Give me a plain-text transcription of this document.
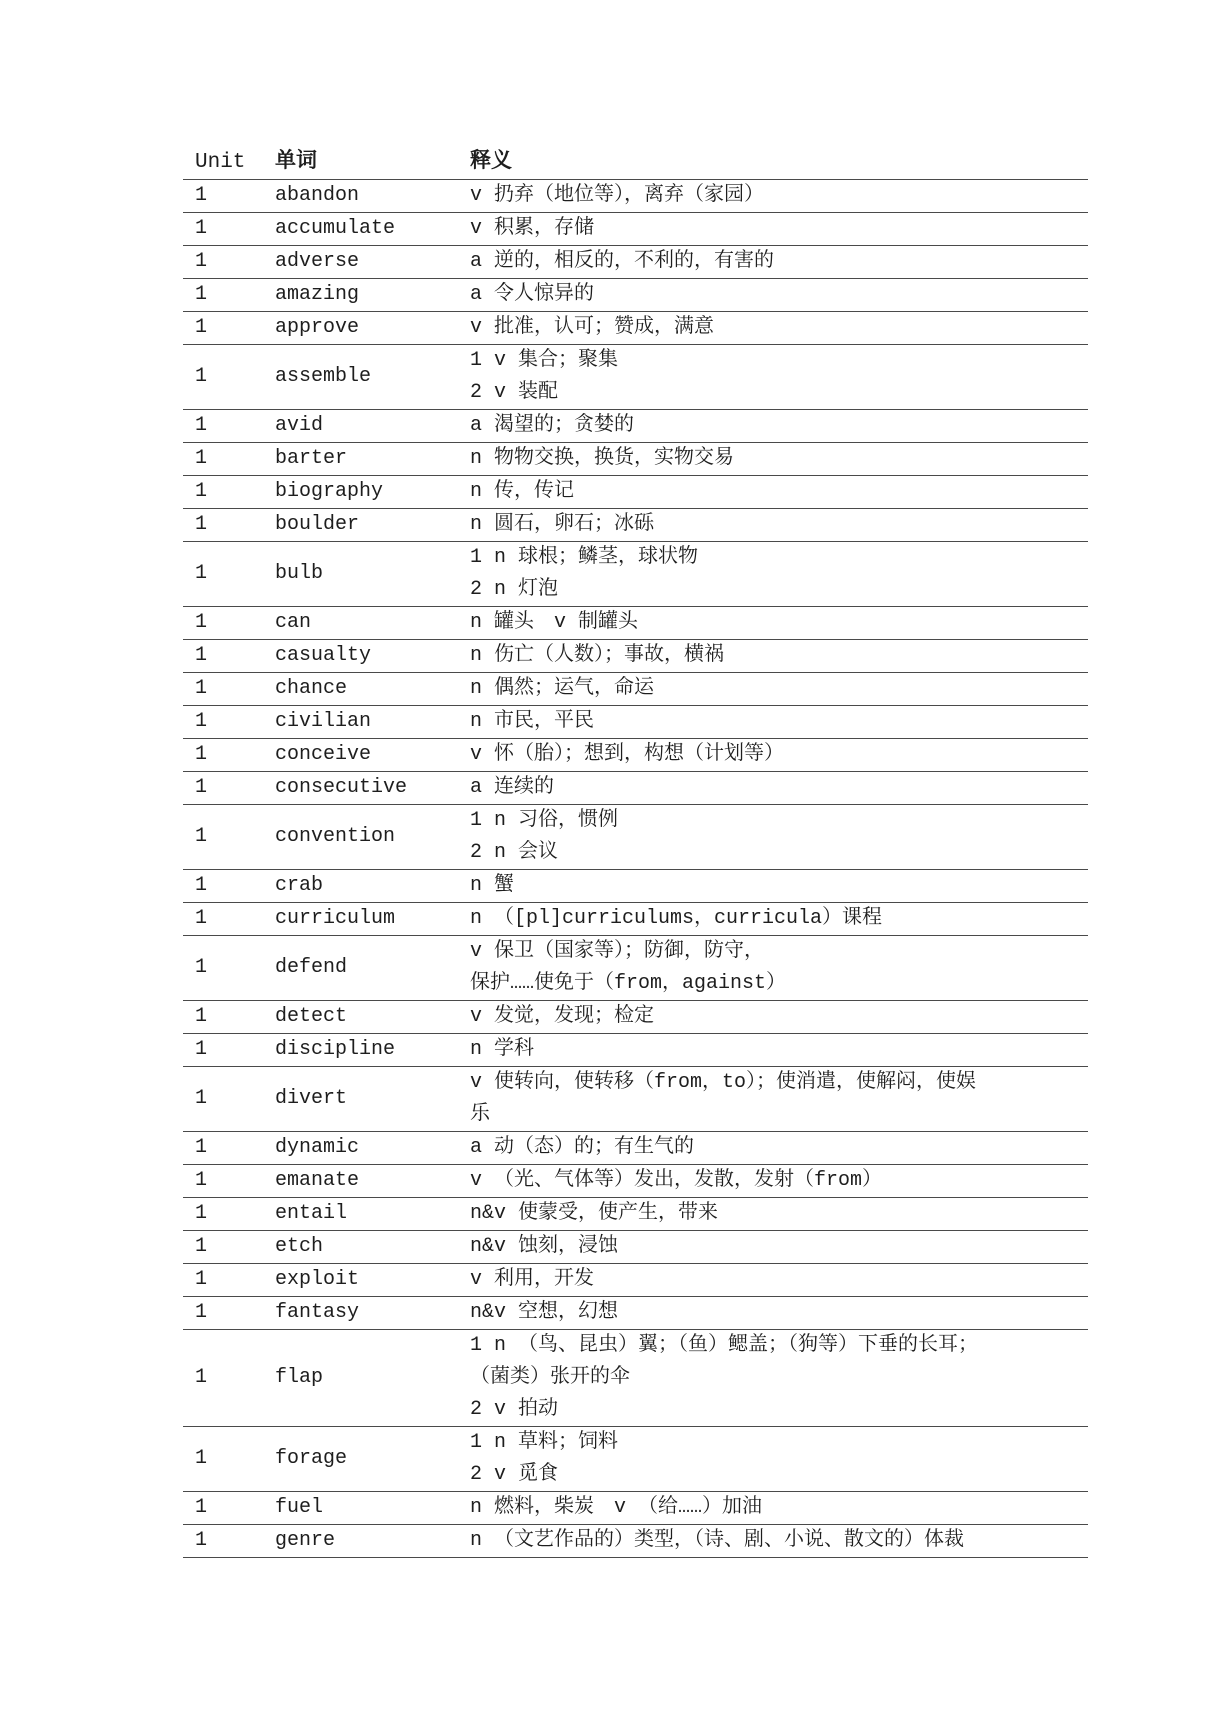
Unit	单词	释义
1	abandon	v 扔弃（地位等），离弃（家园）

1	accumulate	v 积累，存储

1	adverse	a 逆的，相反的，不利的，有害的

1	amazing	a 令人惊异的

1	approve	v 批准，认可；赞成，满意

1	assemble	1 v 集合；聚集
2 v 装配

1	avid	a 渴望的；贪婪的

1	barter	n 物物交换，换货，实物交易

1	biography	n 传，传记

1	boulder	n 圆石，卵石；冰砾

1	bulb	1 n 球根；鳞茎，球状物
2 n 灯泡

1	can	n 罐头　v 制罐头

1	casualty	n 伤亡（人数）；事故，横祸

1	chance	n 偶然；运气，命运

1	civilian	n 市民，平民

1	conceive	v 怀（胎）；想到，构想（计划等）

1	consecutive	a 连续的

1	convention	1 n 习俗，惯例
2 n 会议

1	crab	n 蟹

1	curriculum	n （[pl]curriculums，curricula）课程

1	defend	v 保卫（国家等）；防御，防守，
保护……使免于（from，against）

1	detect	v 发觉，发现；检定

1	discipline	n 学科

1	divert	v 使转向，使转移（from，to）；使消遣，使解闷，使娱
乐

1	dynamic	a 动（态）的；有生气的

1	emanate	v （光、气体等）发出，发散，发射（from）

1	entail	n&v 使蒙受，使产生，带来

1	etch	n&v 蚀刻，浸蚀

1	exploit	v 利用，开发

1	fantasy	n&v 空想，幻想

1	flap	1 n （鸟、昆虫）翼；（鱼）鳃盖；（狗等）下垂的长耳；
（菌类）张开的伞
2 v 拍动

1	forage	1 n 草料；饲料
2 v 觅食

1	fuel	n 燃料，柴炭　v （给……）加油

1	genre	n （文艺作品的）类型，（诗、剧、小说、散文的）体裁
